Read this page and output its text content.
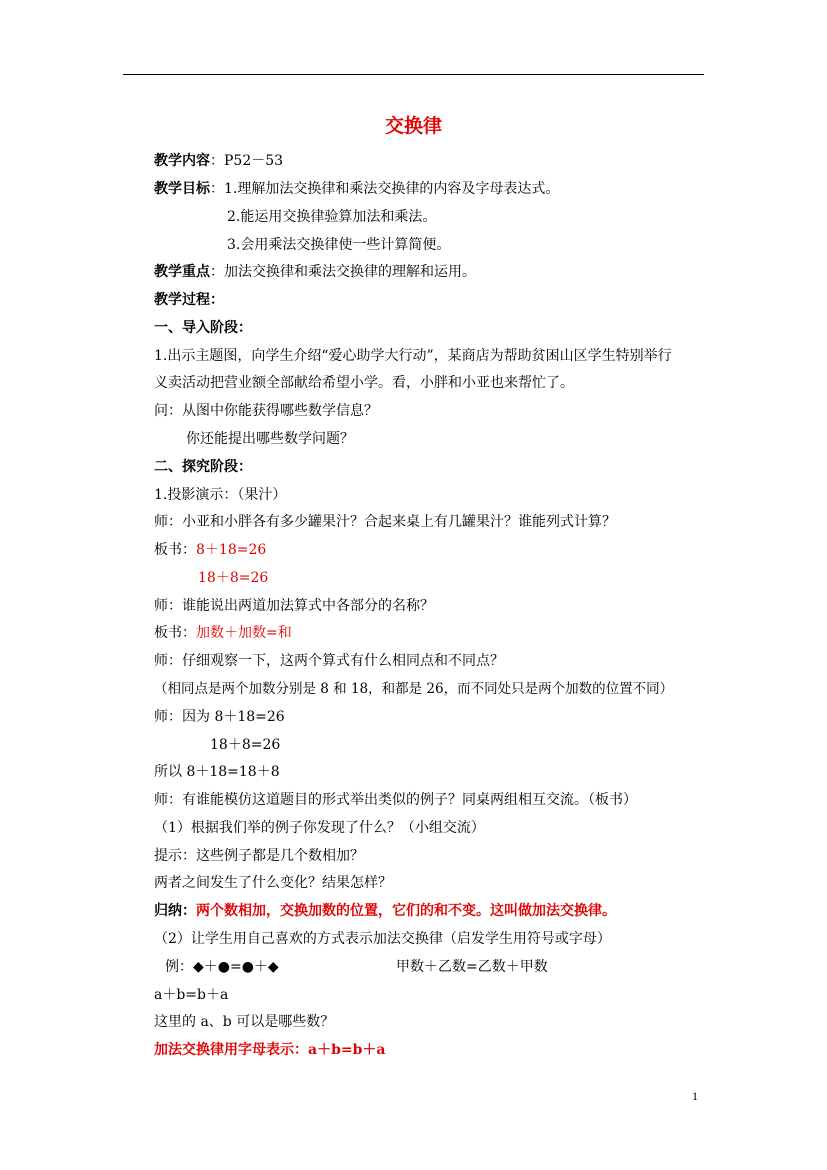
交换律
教学内容：P52－53
教学目标：1.理解加法交换律和乘法交换律的内容及字母表达式。
2.能运用交换律验算加法和乘法。
3.会用乘法交换律使一些计算简便。
教学重点：加法交换律和乘法交换律的理解和运用。
教学过程：
一、导入阶段：
1.出示主题图，向学生介绍“爱心助学大行动”，某商店为帮助贫困山区学生特别举行
义卖活动把营业额全部献给希望小学。看，小胖和小亚也来帮忙了。
问：从图中你能获得哪些数学信息？
你还能提出哪些数学问题？
二、探究阶段：
1.投影演示：（果汁）
师：小亚和小胖各有多少罐果汁？合起来桌上有几罐果汁？谁能列式计算？
板书：8＋18=26
18＋8=26
师：谁能说出两道加法算式中各部分的名称？
板书：加数＋加数=和
师：仔细观察一下，这两个算式有什么相同点和不同点？
（相同点是两个加数分别是 8 和 18，和都是 26，而不同处只是两个加数的位置不同）
师：因为 8＋18=26
18＋8=26
所以 8＋18=18＋8
师：有谁能模仿这道题目的形式举出类似的例子？同桌两组相互交流。（板书）
（1）根据我们举的例子你发现了什么？（小组交流）
提示：这些例子都是几个数相加？
两者之间发生了什么变化？结果怎样？
归纳：两个数相加，交换加数的位置，它们的和不变。这叫做加法交换律。
（2）让学生用自己喜欢的方式表示加法交换律（启发学生用符号或字母）
例：◆＋●=●＋◆	甲数＋乙数=乙数＋甲数
a＋b=b＋a
这里的 a、b 可以是哪些数？
加法交换律用字母表示：a＋b=b＋a
1
